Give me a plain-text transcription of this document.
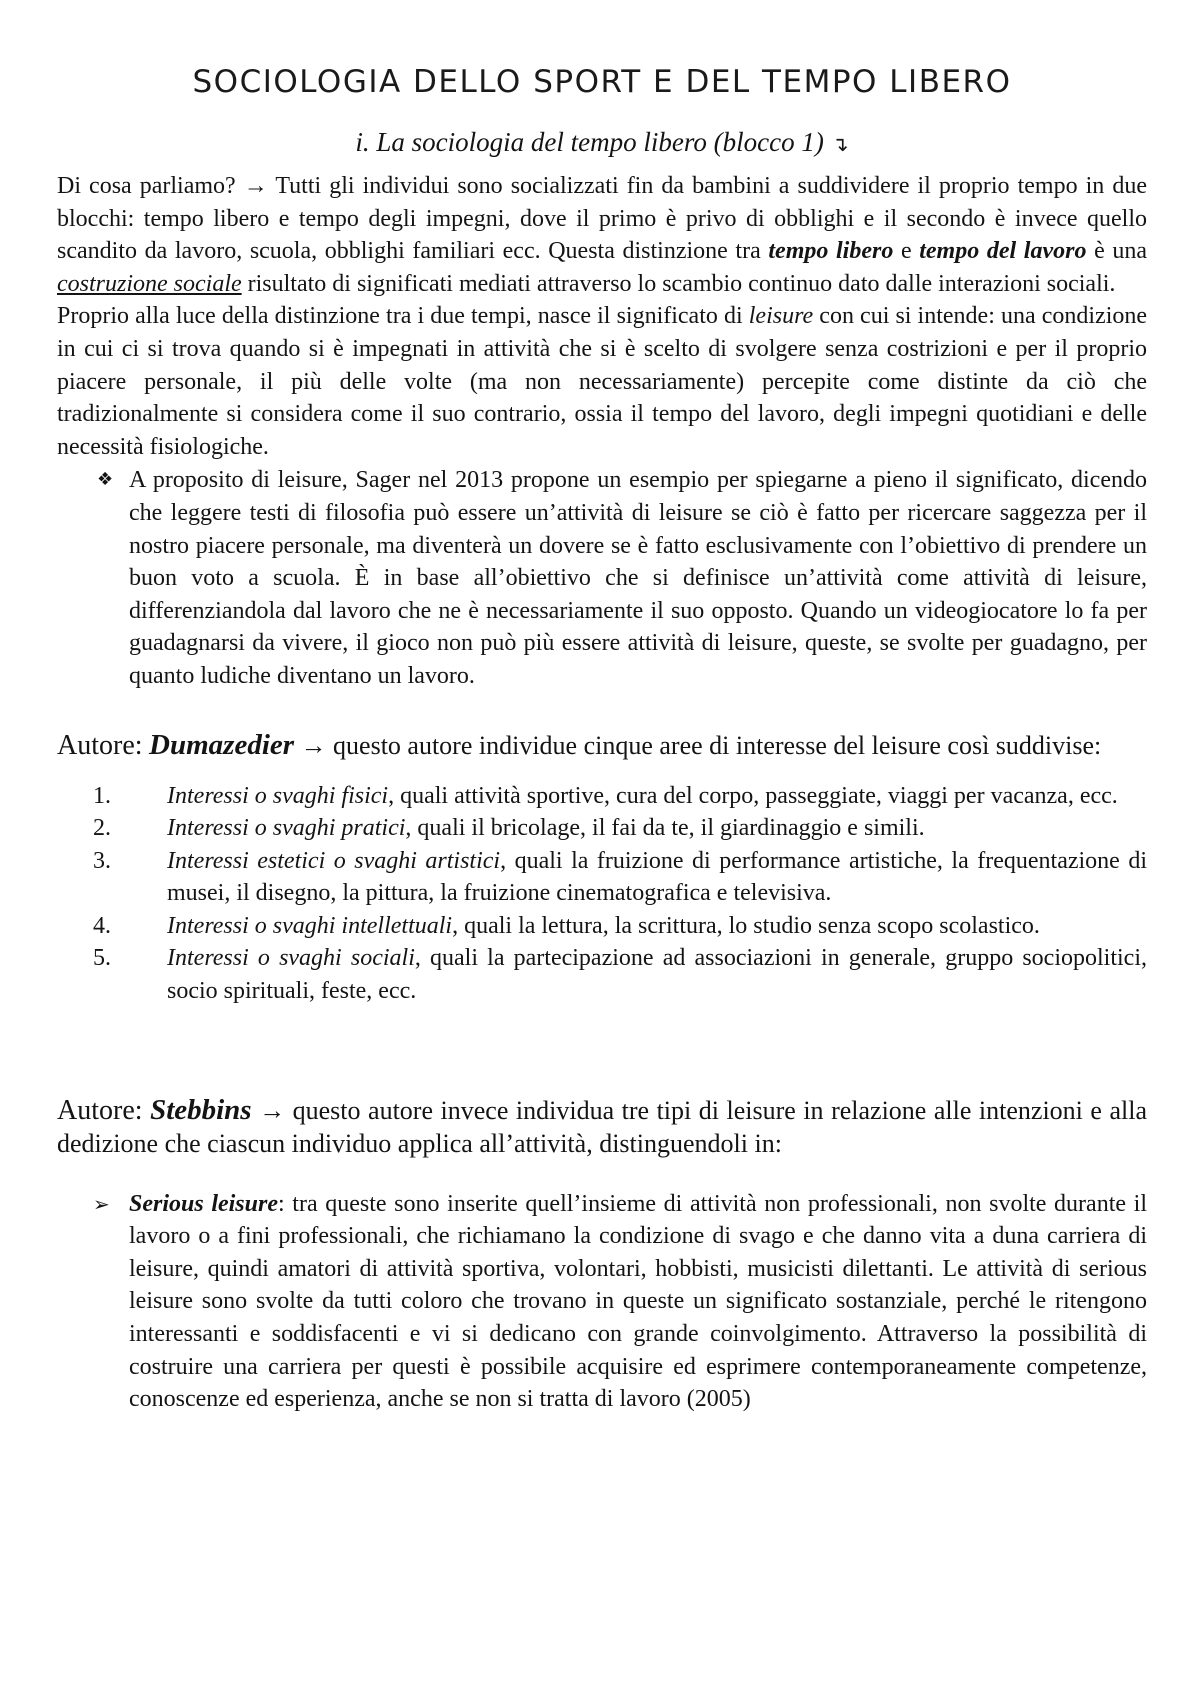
SOCIOLOGIA DELLO SPORT E DEL TEMPO LIBERO
i. La sociologia del tempo libero (blocco 1) ↴

Di cosa parliamo? → Tutti gli individui sono socializzati fin da bambini a suddividere il proprio tempo in due blocchi: tempo libero e tempo degli impegni, dove il primo è privo di obblighi e il secondo è invece quello scandito da lavoro, scuola, obblighi familiari ecc. Questa distinzione tra tempo libero e tempo del lavoro è una costruzione sociale risultato di significati mediati attraverso lo scambio continuo dato dalle interazioni sociali.

Proprio alla luce della distinzione tra i due tempi, nasce il significato di leisure con cui si intende: una condizione in cui ci si trova quando si è impegnati in attività che si è scelto di svolgere senza costrizioni e per il proprio piacere personale, il più delle volte (ma non necessariamente) percepite come distinte da ciò che tradizionalmente si considera come il suo contrario, ossia il tempo del lavoro, degli impegni quotidiani e delle necessità fisiologiche.

❖ A proposito di leisure, Sager nel 2013 propone un esempio per spiegarne a pieno il significato, dicendo che leggere testi di filosofia può essere un’attività di leisure se ciò è fatto per ricercare saggezza per il nostro piacere personale, ma diventerà un dovere se è fatto esclusivamente con l’obiettivo di prendere un buon voto a scuola. È in base all’obiettivo che si definisce un’attività come attività di leisure, differenziandola dal lavoro che ne è necessariamente il suo opposto. Quando un videogiocatore lo fa per guadagnarsi da vivere, il gioco non può più essere attività di leisure, queste, se svolte per guadagno, per quanto ludiche diventano un lavoro.

Autore: Dumazedier → questo autore individue cinque aree di interesse del leisure così suddivise:

1. Interessi o svaghi fisici, quali attività sportive, cura del corpo, passeggiate, viaggi per vacanza, ecc.
2. Interessi o svaghi pratici, quali il bricolage, il fai da te, il giardinaggio e simili.
3. Interessi estetici o svaghi artistici, quali la fruizione di performance artistiche, la frequentazione di musei, il disegno, la pittura, la fruizione cinematografica e televisiva.
4. Interessi o svaghi intellettuali, quali la lettura, la scrittura, lo studio senza scopo scolastico.
5. Interessi o svaghi sociali, quali la partecipazione ad associazioni in generale, gruppo sociopolitici, socio spirituali, feste, ecc.

Autore: Stebbins → questo autore invece individua tre tipi di leisure in relazione alle intenzioni e alla dedizione che ciascun individuo applica all’attività, distinguendoli in:

➢ Serious leisure: tra queste sono inserite quell’insieme di attività non professionali, non svolte durante il lavoro o a fini professionali, che richiamano la condizione di svago e che danno vita a duna carriera di leisure, quindi amatori di attività sportiva, volontari, hobbisti, musicisti dilettanti. Le attività di serious leisure sono svolte da tutti coloro che trovano in queste un significato sostanziale, perché le ritengono interessanti e soddisfacenti e vi si dedicano con grande coinvolgimento. Attraverso la possibilità di costruire una carriera per questi è possibile acquisire ed esprimere contemporaneamente competenze, conoscenze ed esperienza, anche se non si tratta di lavoro (2005)
